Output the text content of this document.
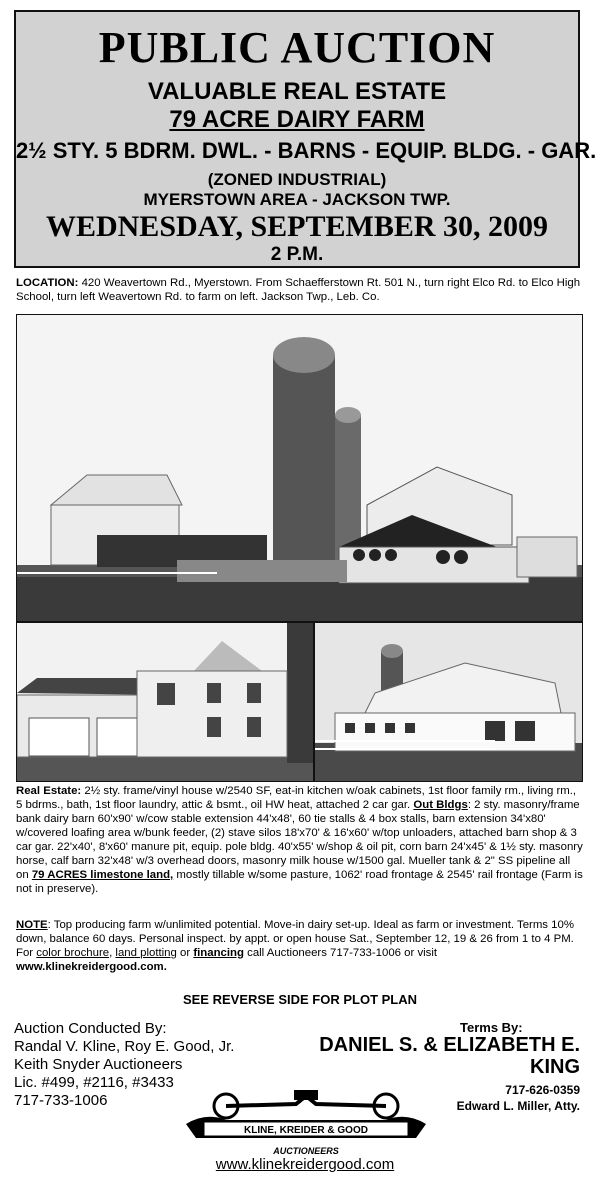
PUBLIC AUCTION
VALUABLE REAL ESTATE
79 ACRE DAIRY FARM
2½ STY. 5 BDRM. DWL. - BARNS - EQUIP. BLDG. - GAR.
(ZONED INDUSTRIAL)
MYERSTOWN AREA - JACKSON TWP.
WEDNESDAY, SEPTEMBER 30, 2009
2 P.M.
LOCATION: 420 Weavertown Rd., Myerstown. From Schaefferstown Rt. 501 N., turn right Elco Rd. to Elco High School, turn left Weavertown Rd. to farm on left. Jackson Twp., Leb. Co.
Real Estate: 2½ sty. frame/vinyl house w/2540 SF, eat-in kitchen w/oak cabinets, 1st floor family rm., living rm., 5 bdrms., bath, 1st floor laundry, attic & bsmt., oil HW heat, attached 2 car gar. Out Bldgs: 2 sty. masonry/frame bank dairy barn 60'x90' w/cow stable extension 44'x48', 60 tie stalls & 4 box stalls, barn extension 34'x80' w/covered loafing area w/bunk feeder, (2) stave silos 18'x70' & 16'x60' w/top unloaders, attached barn shop & 3 car gar. 22'x40', 8'x60' manure pit, equip. pole bldg. 40'x55' w/shop & oil pit, corn barn 24'x45' & 1½ sty. masonry horse, calf barn 32'x48' w/3 overhead doors, masonry milk house w/1500 gal. Mueller tank & 2" SS pipeline all on 79 ACRES limestone land, mostly tillable w/some pasture, 1062' road frontage & 2545' rail frontage (Farm is not in preserve).
NOTE: Top producing farm w/unlimited potential. Move-in dairy set-up. Ideal as farm or investment. Terms 10% down, balance 60 days. Personal inspect. by appt. or open house Sat., September 12, 19 & 26 from 1 to 4 PM. For color brochure, land plotting or financing call Auctioneers 717-733-1006 or visit www.klinekreidergood.com.
SEE REVERSE SIDE FOR PLOT PLAN
Auction Conducted By:
Randal V. Kline, Roy E. Good, Jr.
Keith Snyder Auctioneers
Lic. #499, #2116, #3433
717-733-1006
Terms By:
DANIEL S. & ELIZABETH E.
KING
717-626-0359
Edward L. Miller, Atty.
KLINE, KREIDER & GOOD
AUCTIONEERS
www.klinekreidergood.com
